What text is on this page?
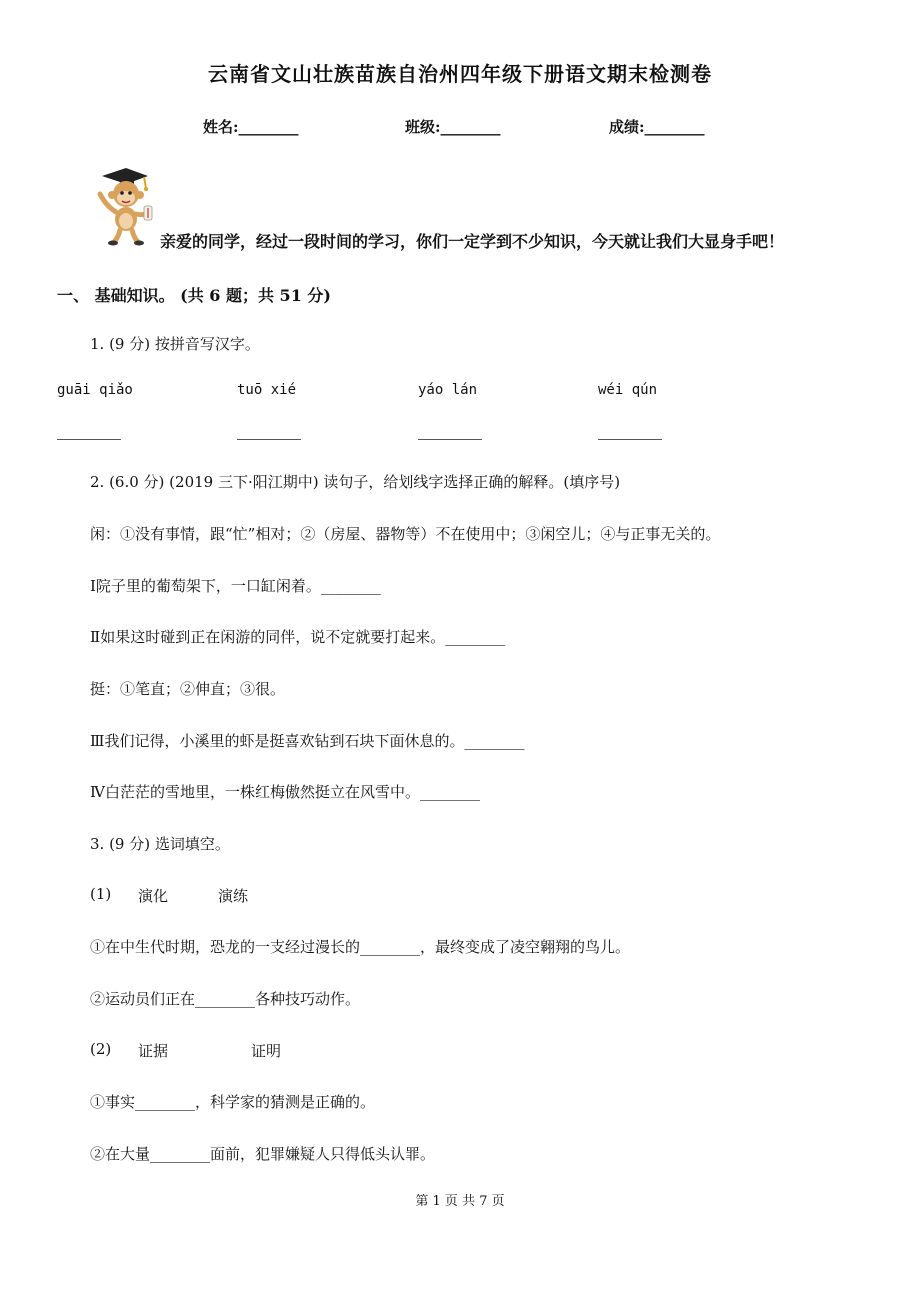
云南省文山壮族苗族自治州四年级下册语文期末检测卷
姓名:________	班级:________	成绩:________
亲爱的同学，经过一段时间的学习，你们一定学到不少知识，今天就让我们大显身手吧！
一、 基础知识。 (共 6 题；共 51 分)
1. (9 分) 按拼音写汉字。
guāi qiǎo	tuō xié	yáo lán	wéi qún
2. (6.0 分) (2019 三下·阳江期中) 读句子，给划线字选择正确的解释。(填序号)
闲：①没有事情，跟“忙”相对；②（房屋、器物等）不在使用中；③闲空儿；④与正事无关的。
Ⅰ院子里的葡萄架下，一口缸闲着。________
Ⅱ如果这时碰到正在闲游的同伴，说不定就要打起来。________
挺：①笔直；②伸直；③很。
Ⅲ我们记得，小溪里的虾是挺喜欢钻到石块下面休息的。________
Ⅳ白茫茫的雪地里，一株红梅傲然挺立在风雪中。________
3. (9 分) 选词填空。
(1) 演化	演练
①在中生代时期，恐龙的一支经过漫长的________，最终变成了凌空翱翔的鸟儿。
②运动员们正在________各种技巧动作。
(2) 证据	证明
①事实________，科学家的猜测是正确的。
②在大量________面前，犯罪嫌疑人只得低头认罪。
第 1 页 共 7 页
